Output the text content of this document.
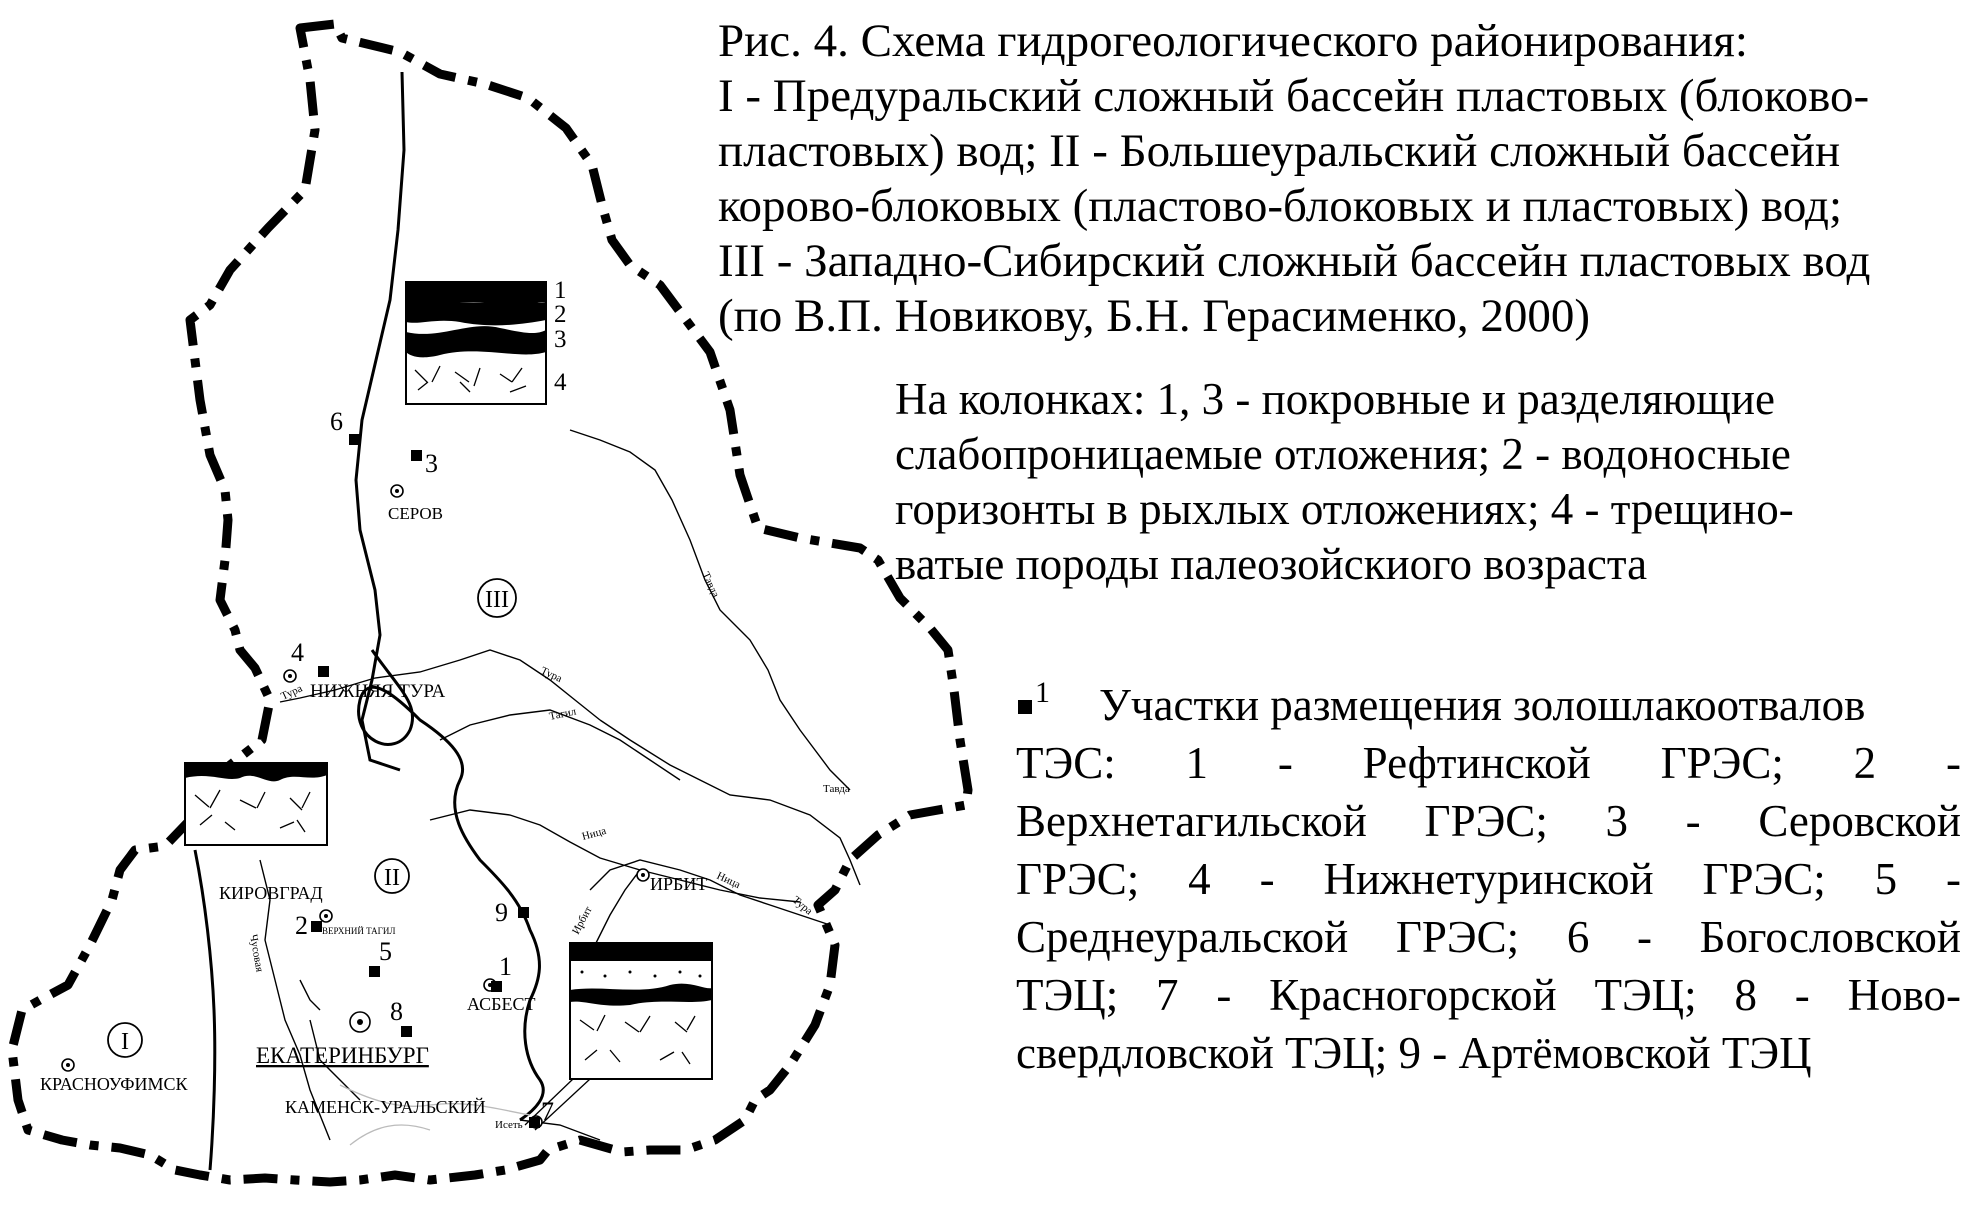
1
2
3
4
I
II
III
1
2
3
4
5
6
7
8
9
СЕРОВ
НИЖНЯЯ ТУРА
КИРОВГРАД
ВЕРХНИЙ ТАГИЛ
ИРБИТ
АСБЕСТ
КРАСНОУФИМСК
ЕКАТЕРИНБУРГ
КАМЕНСК-УРАЛЬСКИЙ
Тавда
Тавда
Тура
Тура
Тура
Тагил
Ница
Ница
Ирбит
Чусовая
Исеть
Рис. 4. Схема гидрогеологического районирования:
I - Предуральский сложный бассейн пластовых (блоково-
пластовых) вод; II - Большеуральский сложный бассейн
корово-блоковых (пластово-блоковых и пластовых) вод;
III - Западно-Сибирский сложный бассейн пластовых вод
(по В.П. Новикову, Б.Н. Герасименко, 2000)
На колонках: 1, 3 - покровные и разделяющие
слабопроницаемые отложения; 2 - водоносные
горизонты в рыхлых отложениях; 4 - трещино-
ватые породы палеозойскиого возраста
1	Участки размещения золошлакоотвалов
ТЭС: 1 - Рефтинской ГРЭС; 2 -
Верхнетагильской ГРЭС; 3 - Серовской
ГРЭС; 4 - Нижнетуринской ГРЭС; 5 -
Среднеуральской ГРЭС; 6 - Богословской
ТЭЦ; 7 - Красногорской ТЭЦ; 8 - Ново-
свердловской ТЭЦ; 9 - Артёмовской ТЭЦ
